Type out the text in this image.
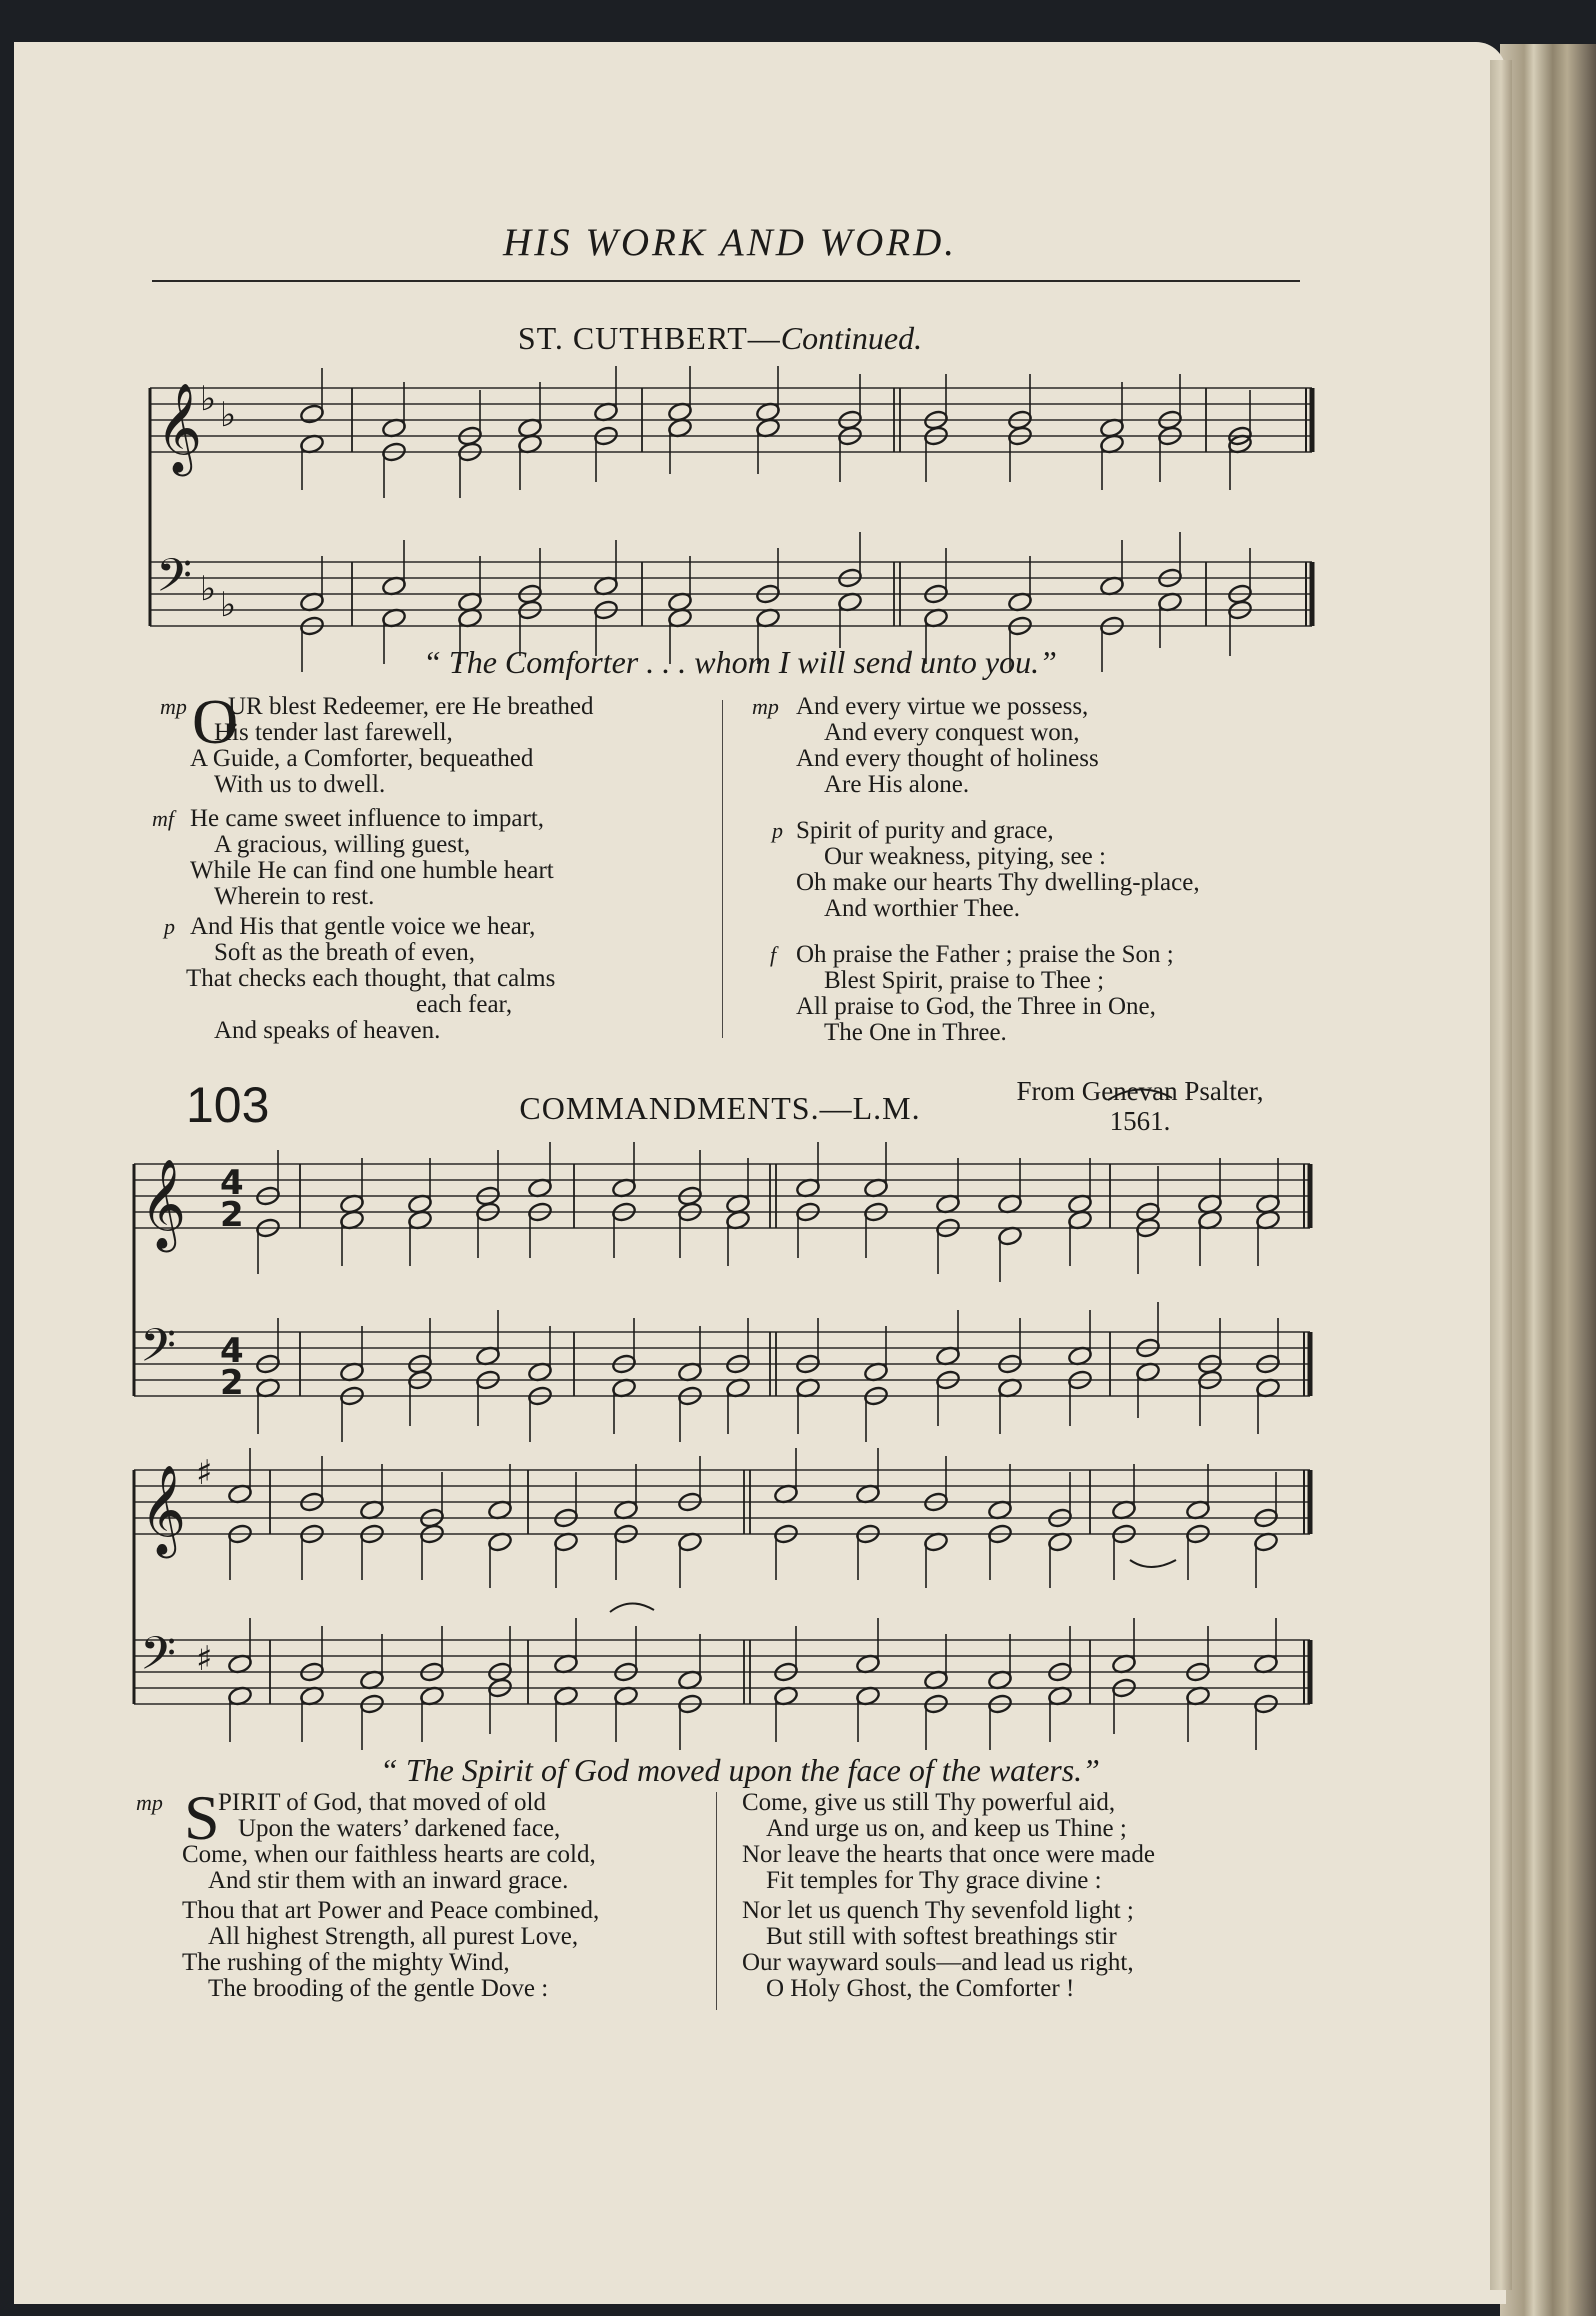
HIS WORK AND WORD.
ST. CUTHBERT—Continued.
𝄞
𝄢
♭
♭
♭
♭
𝄞
𝄢
4
2
4
2
𝄞
𝄢
♯
♯
“ The Comforter . . . whom I will send unto you.”
mp O
UR blest Redeemer, ere He breathed
His tender last farewell,
A Guide, a Comforter, bequeathed
With us to dwell.
mf He came sweet influence to impart,
A gracious, willing guest,
While He can find one humble heart
Wherein to rest.
p And His that gentle voice we hear,
Soft as the breath of even,
That checks each thought, that calms
each fear,
And speaks of heaven.
mp And every virtue we possess,
And every conquest won,
And every thought of holiness
Are His alone.
p Spirit of purity and grace,
Our weakness, pitying, see :
Oh make our hearts Thy dwelling-place,
And worthier Thee.
f Oh praise the Father ; praise the Son ;
Blest Spirit, praise to Thee ;
All praise to God, the Three in One,
The One in Three.
103	COMMANDMENTS.—L.M.	From Genevan Psalter,
1561.
“ The Spirit of God moved upon the face of the waters.”
mp S
PIRIT of God, that moved of old
Upon the waters’ darkened face,
Come, when our faithless hearts are cold,
And stir them with an inward grace.
Thou that art Power and Peace combined,
All highest Strength, all purest Love,
The rushing of the mighty Wind,
The brooding of the gentle Dove :
Come, give us still Thy powerful aid,
And urge us on, and keep us Thine ;
Nor leave the hearts that once were made
Fit temples for Thy grace divine :
Nor let us quench Thy sevenfold light ;
But still with softest breathings stir
Our wayward souls—and lead us right,
O Holy Ghost, the Comforter !
